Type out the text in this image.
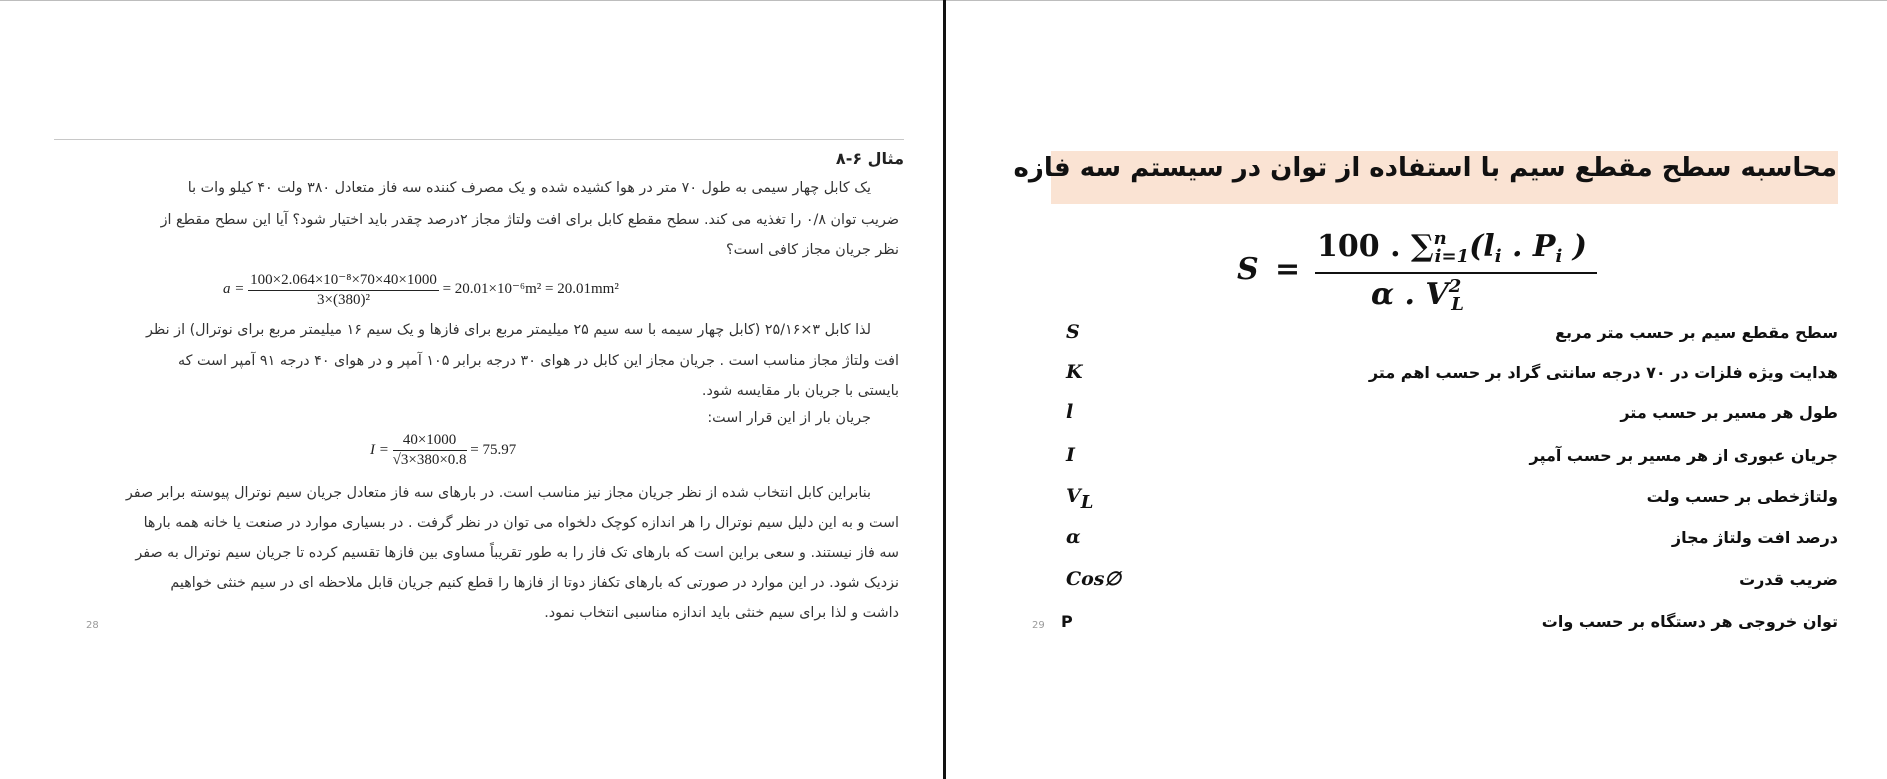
مثال ۶-۸
یک کابل چهار سیمی به طول ۷۰ متر در هوا کشیده شده و یک مصرف کننده سه فاز متعادل ۳۸۰ ولت ۴۰ کیلو وات با
ضریب توان ۰/۸ را تغذیه می کند. سطح مقطع کابل برای افت ولتاژ مجاز ۲درصد چقدر باید اختیار شود؟ آیا این سطح مقطع از
نظر جریان مجاز کافی است؟
$a = \frac{\text{100×2.064×10⁻⁸×70×40×1000}}{\text{3×(380)²}} = 20.01\times 10^{-6}m^2 = 20.01mm^2$
لذا کابل ۳×۲۵/۱۶ (کابل چهار سیمه با سه سیم ۲۵ میلیمتر مربع برای فازها و یک سیم ۱۶ میلیمتر مربع برای نوترال) از نظر
افت ولتاژ مجاز مناسب است . جریان مجاز این کابل در هوای ۳۰ درجه برابر ۱۰۵ آمپر و در هوای ۴۰ درجه ۹۱ آمپر است که
بایستی با جریان بار مقایسه شود.
جریان بار از این قرار است:
$I = \frac{40\times 1000}{√3\times 380\times 0.8} = 75.97$
بنابراین کابل انتخاب شده از نظر جریان مجاز نیز مناسب است. در بارهای سه فاز متعادل جریان سیم نوترال پیوسته برابر صفر
است و به این دلیل سیم نوترال را هر اندازه کوچک دلخواه می توان در نظر گرفت . در بسیاری موارد در صنعت یا خانه همه بارها
سه فاز نیستند. و سعی براین است که بارهای تک فاز را به طور تقریباً مساوی بین فازها تقسیم کرده تا جریان سیم نوترال به صفر
نزدیک شود. در این موارد در صورتی که بارهای تکفاز دوتا از فازها را قطع کنیم جریان قابل ملاحظه ای در سیم خنثی خواهیم
داشت و لذا برای سیم خنثی باید اندازه مناسبی انتخاب نمود.
28
محاسبه سطح مقطع سیم با استفاده از توان در سیستم سه فازه
S =
100 . $\sum^n_{i=1}(l_i$ . $P_i$ )
α . $V^2_L$
S	سطح مقطع سیم بر حسب متر مربع
K	هدایت ویژه فلزات در ۷۰ درجه سانتی گراد بر حسب اهم متر
l	طول هر مسیر بر حسب متر
I	جریان عبوری از هر مسیر بر حسب آمپر
VL	ولتاژخطی بر حسب ولت
α	درصد افت ولتاژ مجاز
Cos∅	ضریب قدرت
P	توان خروجی هر دستگاه بر حسب وات
29
